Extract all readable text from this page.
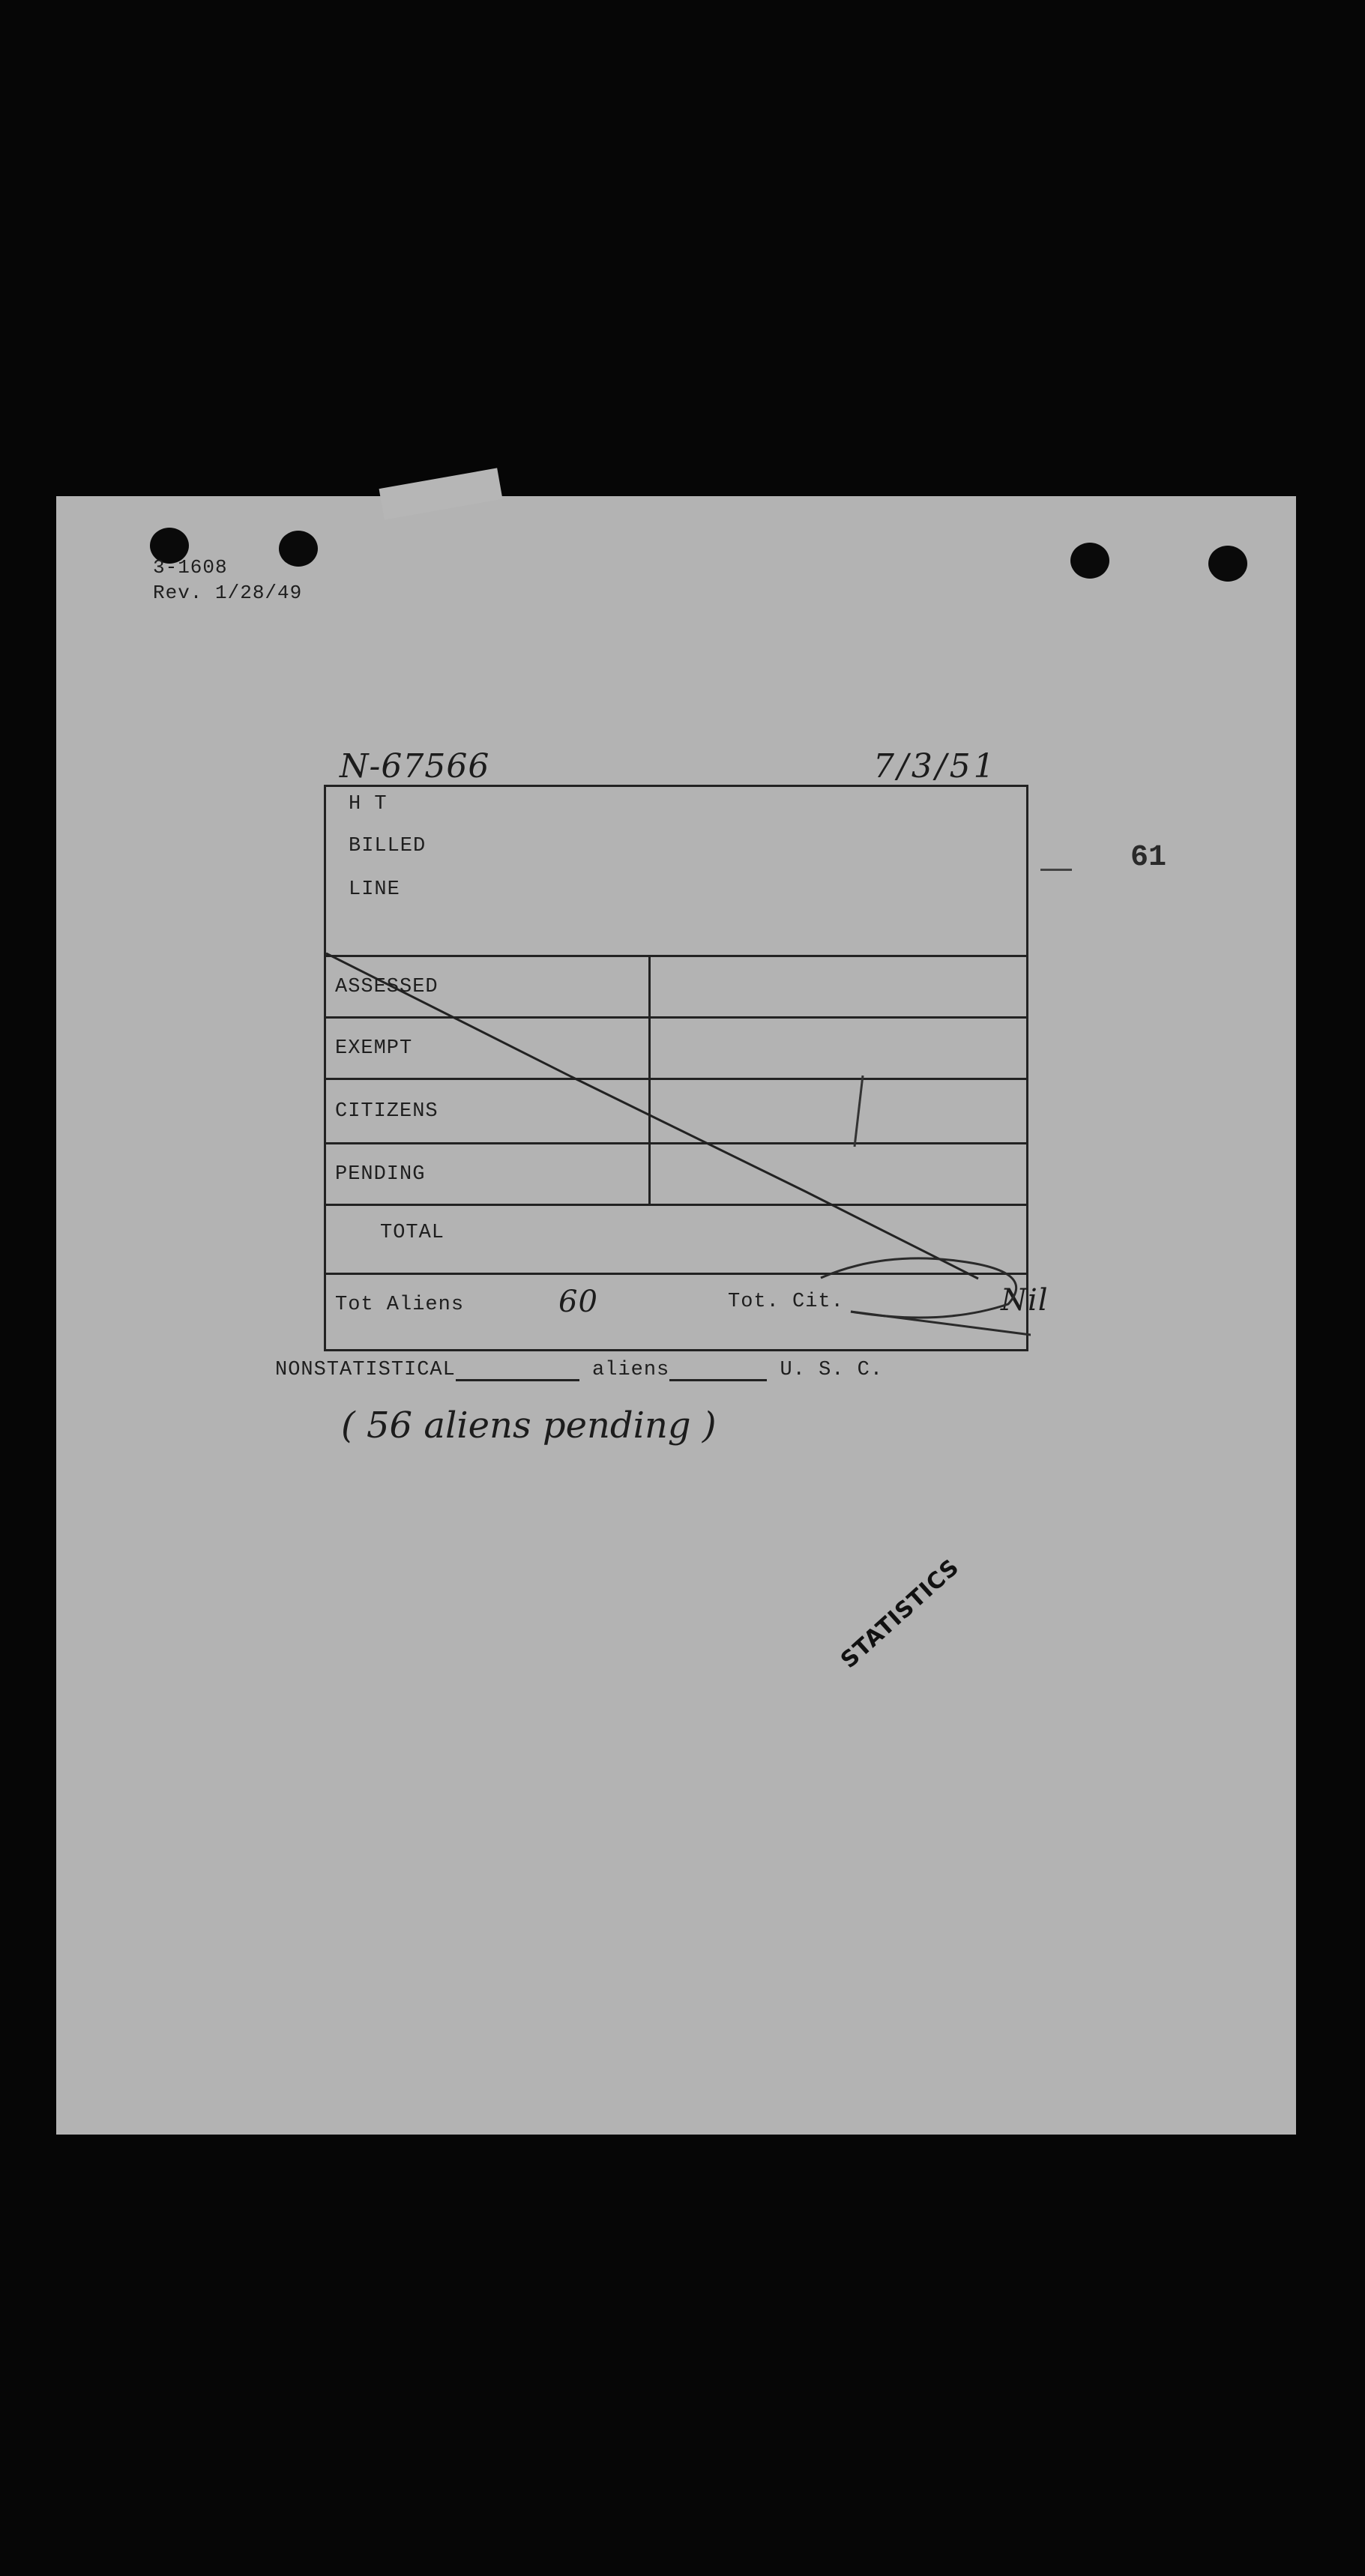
3-1608
Rev. 1/28/49
N-67566	7/3/51
61
H T
BILLED
LINE
ASSESSED
EXEMPT
CITIZENS
PENDING
TOTAL
Tot Aliens	60	Tot. Cit.	Nil
NONSTATISTICAL	aliens	U. S. C.
( 56 aliens pending )
STATISTICS
